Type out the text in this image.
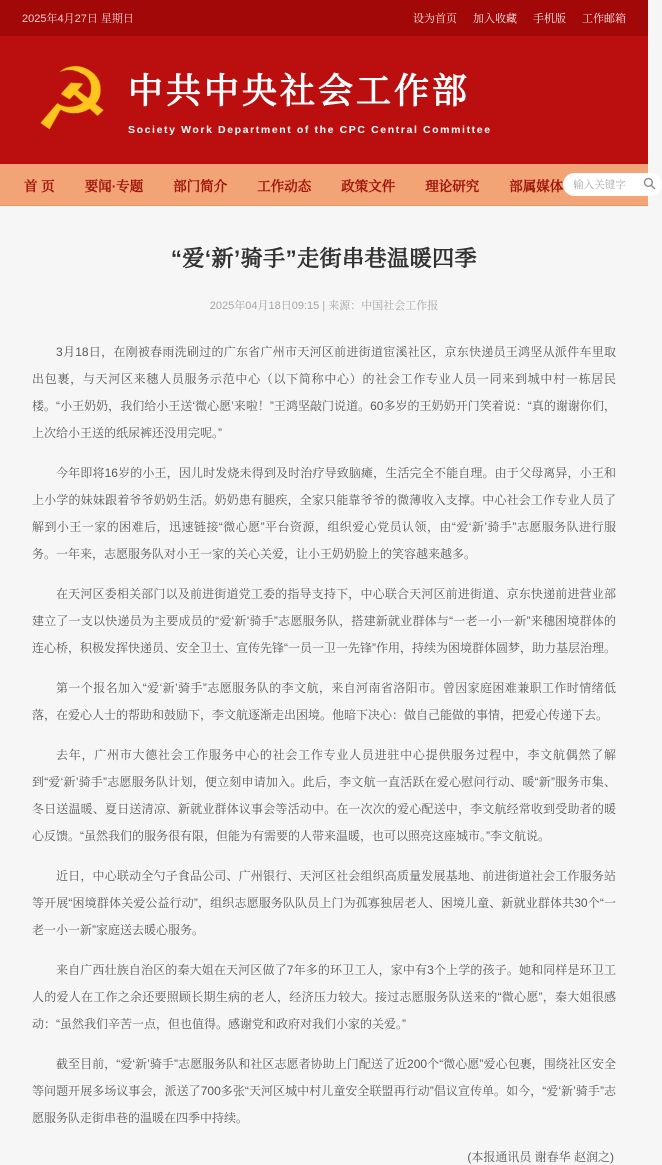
2025年4月27日 星期日	设为首页 加入收藏 手机版 工作邮箱
☭ 中共中央社会工作部
Society Work Department of the CPC Central Committee
首 页 要闻·专题 部门简介 工作动态 政策文件 理论研究 部属媒体
输入关键字
“爱‘新’骑手”走街串巷温暖四季
2025年04月18日09:15 | 来源：中国社会工作报

3月18日，在刚被春雨洗刷过的广东省广州市天河区前进街道宦溪社区，京东快递员王鸿坚从派件车里取出包裹，与天河区来穗人员服务示范中心（以下简称中心）的社会工作专业人员一同来到城中村一栋居民楼。“小王奶奶，我们给小王送‘微心愿’来啦！”王鸿坚敲门说道。60多岁的王奶奶开门笑着说：“真的谢谢你们，上次给小王送的纸尿裤还没用完呢。”

今年即将16岁的小王，因儿时发烧未得到及时治疗导致脑瘫，生活完全不能自理。由于父母离异，小王和上小学的妹妹跟着爷爷奶奶生活。奶奶患有腿疾，全家只能靠爷爷的微薄收入支撑。中心社会工作专业人员了解到小王一家的困难后，迅速链接“微心愿”平台资源，组织爱心党员认领，由“爱‘新’骑手”志愿服务队进行服务。一年来，志愿服务队对小王一家的关心关爱，让小王奶奶脸上的笑容越来越多。

在天河区委相关部门以及前进街道党工委的指导支持下，中心联合天河区前进街道、京东快递前进营业部建立了一支以快递员为主要成员的“爱‘新’骑手”志愿服务队，搭建新就业群体与“一老一小一新”来穗困境群体的连心桥，积极发挥快递员、安全卫士、宣传先锋“一员一卫一先锋”作用，持续为困境群体圆梦，助力基层治理。

第一个报名加入“爱‘新’骑手”志愿服务队的李文航，来自河南省洛阳市。曾因家庭困难兼职工作时情绪低落，在爱心人士的帮助和鼓励下，李文航逐渐走出困境。他暗下决心：做自己能做的事情，把爱心传递下去。

去年，广州市大德社会工作服务中心的社会工作专业人员进驻中心提供服务过程中，李文航偶然了解到“爱‘新’骑手”志愿服务队计划，便立刻申请加入。此后，李文航一直活跃在爱心慰问行动、暖“新”服务市集、冬日送温暖、夏日送清凉、新就业群体议事会等活动中。在一次次的爱心配送中，李文航经常收到受助者的暖心反馈。“虽然我们的服务很有限，但能为有需要的人带来温暖，也可以照亮这座城市。”李文航说。

近日，中心联动全勺子食品公司、广州银行、天河区社会组织高质量发展基地、前进街道社会工作服务站等开展“困境群体关爱公益行动”，组织志愿服务队队员上门为孤寡独居老人、困境儿童、新就业群体共30个“一老一小一新”家庭送去暖心服务。

来自广西壮族自治区的秦大姐在天河区做了7年多的环卫工人，家中有3个上学的孩子。她和同样是环卫工人的爱人在工作之余还要照顾长期生病的老人，经济压力较大。接过志愿服务队送来的“微心愿”，秦大姐很感动：“虽然我们辛苦一点，但也值得。感谢党和政府对我们小家的关爱。”

截至目前，“爱‘新’骑手”志愿服务队和社区志愿者协助上门配送了近200个“微心愿”爱心包裹，围绕社区安全等问题开展多场议事会，派送了700多张“天河区城中村儿童安全联盟再行动”倡议宣传单。如今，“爱‘新’骑手”志愿服务队走街串巷的温暖在四季中持续。

(本报通讯员 谢春华 赵润之)
